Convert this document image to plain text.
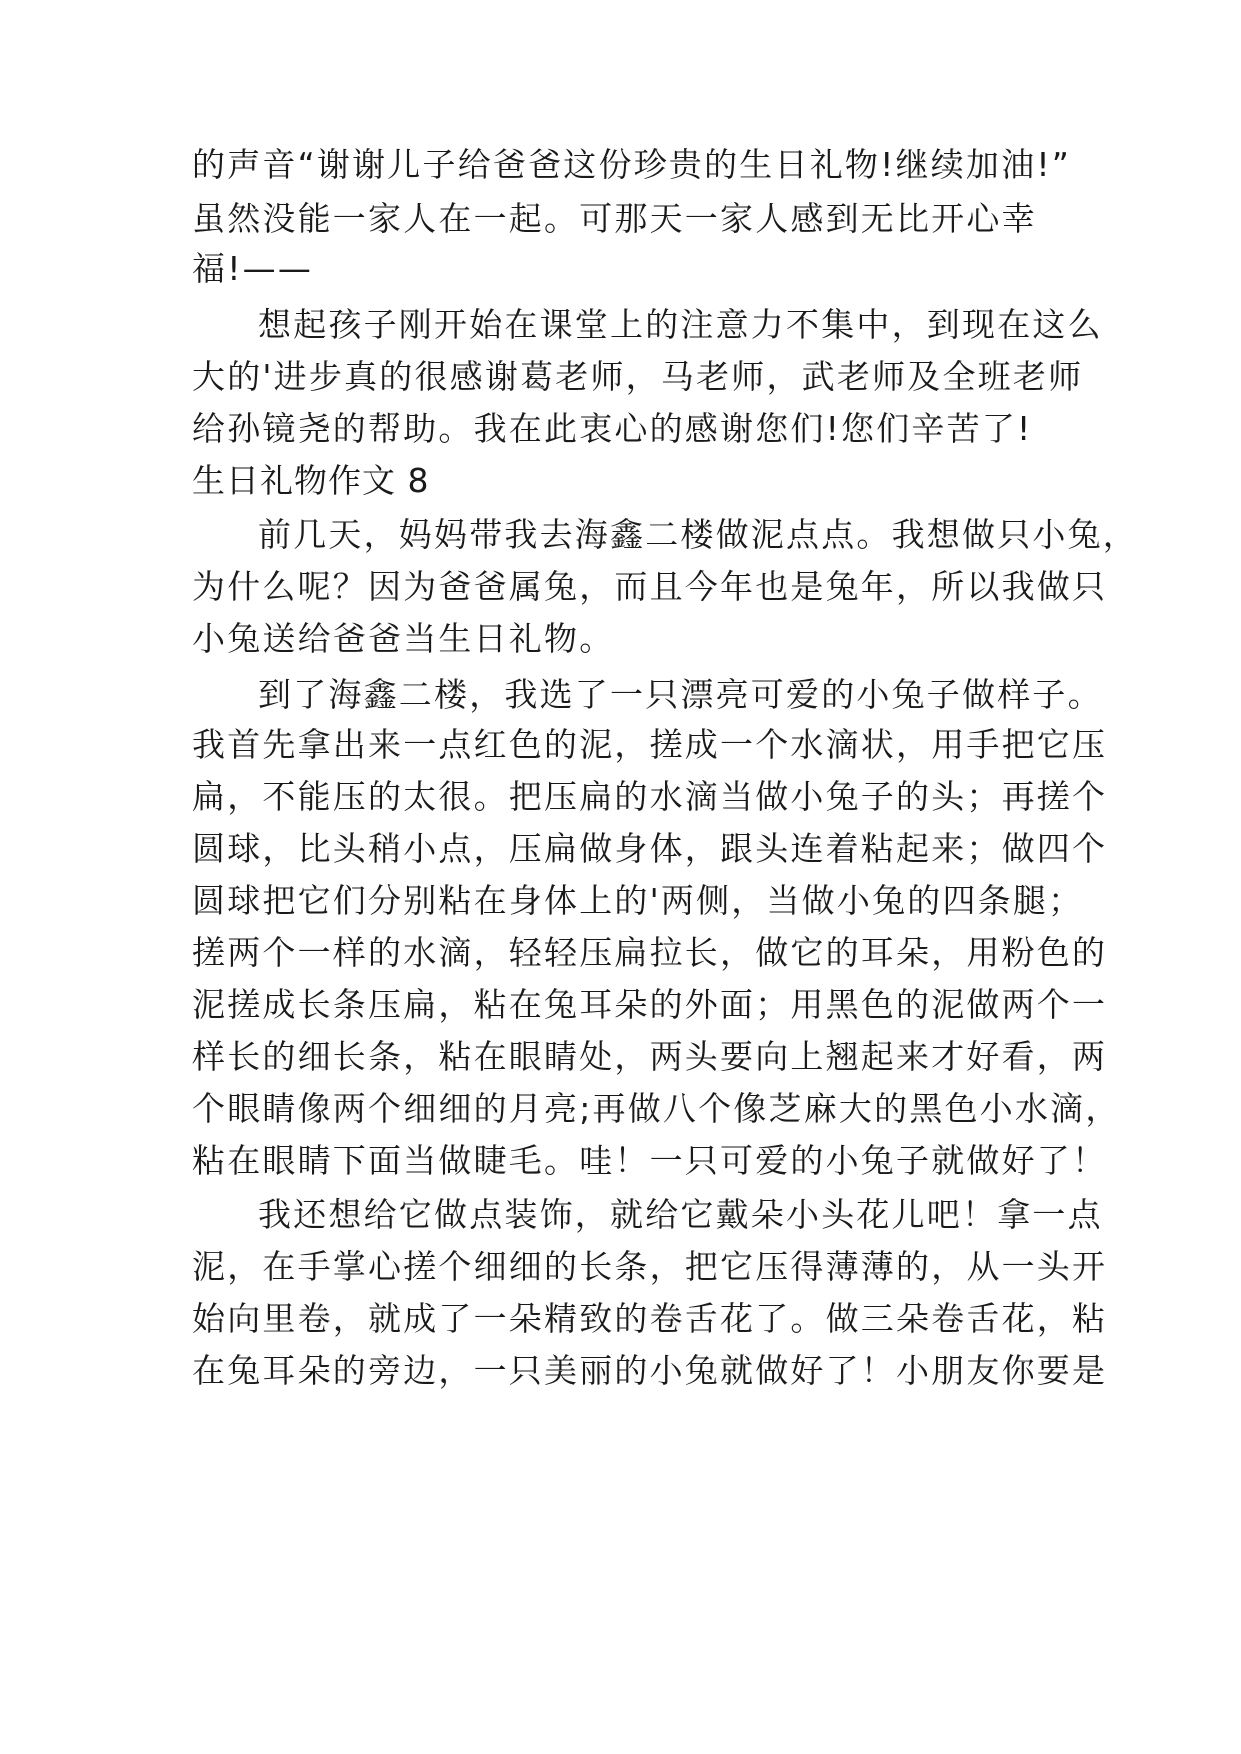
的声音“谢谢儿子给爸爸这份珍贵的生日礼物!继续加油!”
虽然没能一家人在一起。可那天一家人感到无比开心幸
福!——
想起孩子刚开始在课堂上的注意力不集中，到现在这么
大的'进步真的很感谢葛老师，马老师，武老师及全班老师
给孙镜尧的帮助。我在此衷心的感谢您们!您们辛苦了!
生日礼物作文 8
前几天，妈妈带我去海鑫二楼做泥点点。我想做只小兔，
为什么呢？因为爸爸属兔，而且今年也是兔年，所以我做只
小兔送给爸爸当生日礼物。
到了海鑫二楼，我选了一只漂亮可爱的小兔子做样子。
我首先拿出来一点红色的泥，搓成一个水滴状，用手把它压
扁，不能压的太很。把压扁的水滴当做小兔子的头；再搓个
圆球，比头稍小点，压扁做身体，跟头连着粘起来；做四个
圆球把它们分别粘在身体上的'两侧，当做小兔的四条腿；
搓两个一样的水滴，轻轻压扁拉长，做它的耳朵，用粉色的
泥搓成长条压扁，粘在兔耳朵的外面；用黑色的泥做两个一
样长的细长条，粘在眼睛处，两头要向上翘起来才好看，两
个眼睛像两个细细的月亮;再做八个像芝麻大的黑色小水滴，
粘在眼睛下面当做睫毛。哇！一只可爱的小兔子就做好了！
我还想给它做点装饰，就给它戴朵小头花儿吧！拿一点
泥，在手掌心搓个细细的长条，把它压得薄薄的，从一头开
始向里卷，就成了一朵精致的卷舌花了。做三朵卷舌花，粘
在兔耳朵的旁边，一只美丽的小兔就做好了！小朋友你要是
